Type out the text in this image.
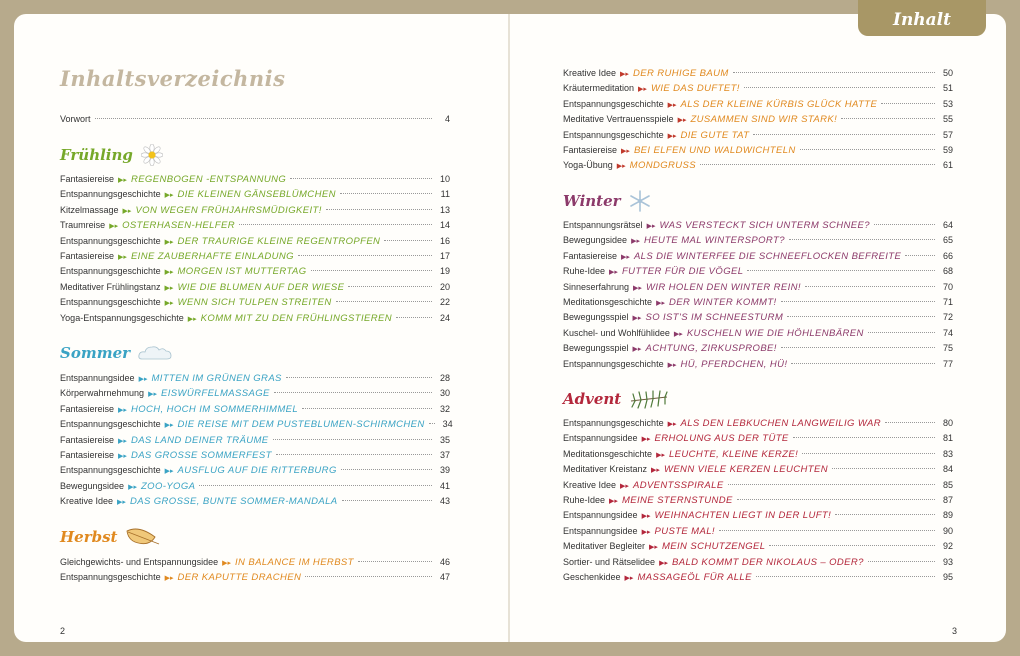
Inhalt
Inhaltsverzeichnis
Vorwort	4
Frühling
Fantasiereise ▶▸ REGENBOGEN -ENTSPANNUNG	10
Entspannungsgeschichte ▶▸ DIE KLEINEN GÄNSEBLÜMCHEN	11
Kitzelmassage ▶▸ VON WEGEN FRÜHJAHRSMÜDIGKEIT!	13
Traumreise ▶▸ OSTERHASEN-HELFER	14
Entspannungsgeschichte ▶▸ DER TRAURIGE KLEINE REGENTROPFEN	16
Fantasiereise ▶▸ EINE ZAUBERHAFTE EINLADUNG	17
Entspannungsgeschichte ▶▸ MORGEN IST MUTTERTAG	19
Meditativer Frühlingstanz ▶▸ WIE DIE BLUMEN AUF DER WIESE	20
Entspannungsgeschichte ▶▸ WENN SICH TULPEN STREITEN	22
Yoga-Entspannungsgeschichte ▶▸ KOMM MIT ZU DEN FRÜHLINGSTIEREN	24
Sommer
Entspannungsidee ▶▸ MITTEN IM GRÜNEN GRAS	28
Körperwahrnehmung ▶▸ EISWÜRFELMASSAGE	30
Fantasiereise ▶▸ HOCH, HOCH IM SOMMERHIMMEL	32
Entspannungsgeschichte ▶▸ DIE REISE MIT DEM PUSTEBLUMEN-SCHIRMCHEN	34
Fantasiereise ▶▸ DAS LAND DEINER TRÄUME	35
Fantasiereise ▶▸ DAS GROSSE SOMMERFEST	37
Entspannungsgeschichte ▶▸ AUSFLUG AUF DIE RITTERBURG	39
Bewegungsidee ▶▸ ZOO-YOGA	41
Kreative Idee ▶▸ DAS GROSSE, BUNTE SOMMER-MANDALA	43
Herbst
Gleichgewichts- und Entspannungsidee ▶▸ IN BALANCE IM HERBST	46
Entspannungsgeschichte ▶▸ DER KAPUTTE DRACHEN	47
Kreative Idee ▶▸ DER RUHIGE BAUM	50
Kräutermeditation ▶▸ WIE DAS DUFTET!	51
Entspannungsgeschichte ▶▸ ALS DER KLEINE KÜRBIS GLÜCK HATTE	53
Meditative Vertrauensspiele ▶▸ ZUSAMMEN SIND WIR STARK!	55
Entspannungsgeschichte ▶▸ DIE GUTE TAT	57
Fantasiereise ▶▸ BEI ELFEN UND WALDWICHTELN	59
Yoga-Übung ▶▸ MONDGRUSS	61
Winter
Entspannungsrätsel ▶▸ WAS VERSTECKT SICH UNTERM SCHNEE?	64
Bewegungsidee ▶▸ HEUTE MAL WINTERSPORT?	65
Fantasiereise ▶▸ ALS DIE WINTERFEE DIE SCHNEEFLOCKEN BEFREITE	66
Ruhe-Idee ▶▸ FUTTER FÜR DIE VÖGEL	68
Sinneserfahrung ▶▸ WIR HOLEN DEN WINTER REIN!	70
Meditationsgeschichte ▶▸ DER WINTER KOMMT!	71
Bewegungsspiel ▶▸ SO IST'S IM SCHNEESTURM	72
Kuschel- und Wohlfühlidee ▶▸ KUSCHELN WIE DIE HÖHLENBÄREN	74
Bewegungsspiel ▶▸ ACHTUNG, ZIRKUSPROBE!	75
Entspannungsgeschichte ▶▸ HÜ, PFERDCHEN, HÜ!	77
Advent
Entspannungsgeschichte ▶▸ ALS DEN LEBKUCHEN LANGWEILIG WAR	80
Entspannungsidee ▶▸ ERHOLUNG AUS DER TÜTE	81
Meditationsgeschichte ▶▸ LEUCHTE, KLEINE KERZE!	83
Meditativer Kreistanz ▶▸ WENN VIELE KERZEN LEUCHTEN	84
Kreative Idee ▶▸ ADVENTSSPIRALE	85
Ruhe-Idee ▶▸ MEINE STERNSTUNDE	87
Entspannungsidee ▶▸ WEIHNACHTEN LIEGT IN DER LUFT!	89
Entspannungsidee ▶▸ PUSTE MAL!	90
Meditativer Begleiter ▶▸ MEIN SCHUTZENGEL	92
Sortier- und Rätselidee ▶▸ BALD KOMMT DER NIKOLAUS – ODER?	93
Geschenkidee ▶▸ MASSAGEÖL FÜR ALLE	95
2	3
